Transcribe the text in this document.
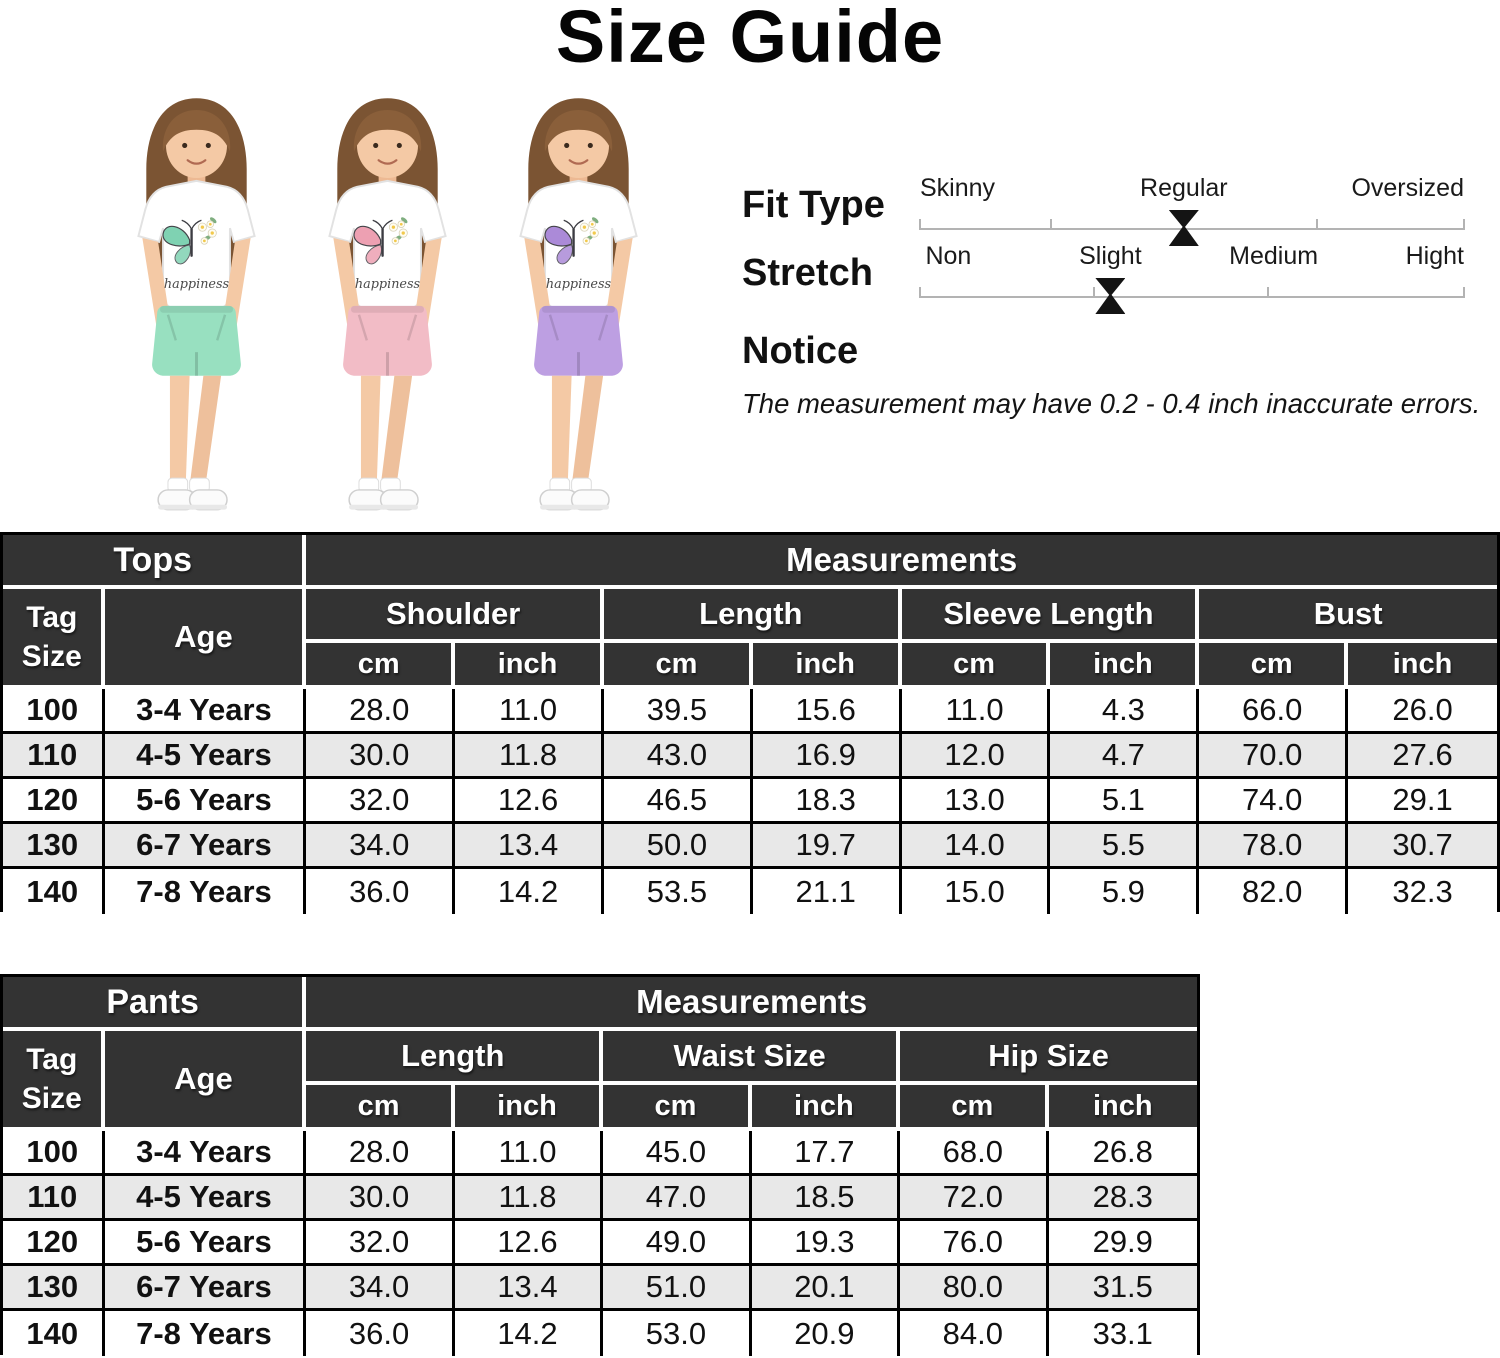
Size Guide
happiness	happiness	happiness
Fit Type Skinny	Regular	Oversized
Stretch Non	Slight	Medium	Hight
Notice
The measurement may have 0.2 - 0.4 inch inaccurate errors.
Tops		Measurements							

Tag
Size	Age	Shoulder		Length		Sleeve Length		Bust	
		cm	inch	cm	inch	cm	inch	cm	inch
100	3-4 Years	28.0	11.0	39.5	15.6	11.0	4.3	66.0	26.0
110	4-5 Years	30.0	11.8	43.0	16.9	12.0	4.7	70.0	27.6
120	5-6 Years	32.0	12.6	46.5	18.3	13.0	5.1	74.0	29.1
130	6-7 Years	34.0	13.4	50.0	19.7	14.0	5.5	78.0	30.7
140	7-8 Years	36.0	14.2	53.5	21.1	15.0	5.9	82.0	32.3
Pants		Measurements					

Tag
Size	Age	Length		Waist Size		Hip Size	
		cm	inch	cm	inch	cm	inch
100	3-4 Years	28.0	11.0	45.0	17.7	68.0	26.8
110	4-5 Years	30.0	11.8	47.0	18.5	72.0	28.3
120	5-6 Years	32.0	12.6	49.0	19.3	76.0	29.9
130	6-7 Years	34.0	13.4	51.0	20.1	80.0	31.5
140	7-8 Years	36.0	14.2	53.0	20.9	84.0	33.1
